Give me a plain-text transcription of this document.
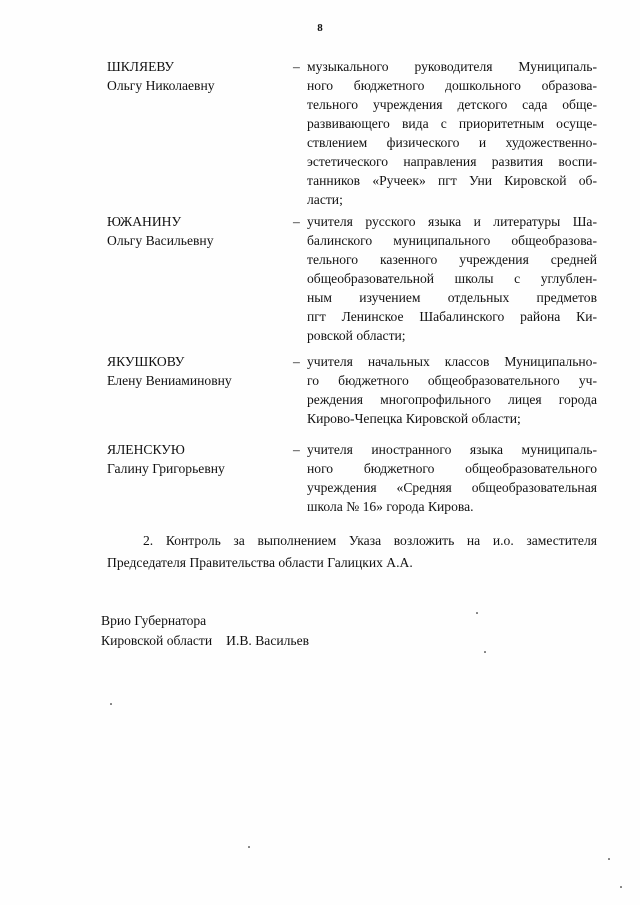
8
ШКЛЯЕВУ
Ольгу Николаевну
– музыкального руководителя Муниципаль-
ного бюджетного дошкольного образова-
тельного учреждения детского сада обще-
развивающего вида с приоритетным осуще-
ствлением физического и художественно-
эстетического направления развития воспи-
танников «Ручеек» пгт Уни Кировской об-
ласти;
ЮЖАНИНУ
Ольгу Васильевну
– учителя русского языка и литературы Ша-
балинского муниципального общеобразова-
тельного казенного учреждения средней
общеобразовательной школы с углублен-
ным изучением отдельных предметов
пгт Ленинское Шабалинского района Ки-
ровской области;
ЯКУШКОВУ
Елену Вениаминовну
– учителя начальных классов Муниципально-
го бюджетного общеобразовательного уч-
реждения многопрофильного лицея города
Кирово-Чепецка Кировской области;
ЯЛЕНСКУЮ
Галину Григорьевну
– учителя иностранного языка муниципаль-
ного бюджетного общеобразовательного
учреждения «Средняя общеобразовательная
школа № 16» города Кирова.
2. Контроль за выполнением Указа возложить на и.о. заместителя
Председателя Правительства области Галицких А.А.
Врио Губернатора
Кировской области И.В. Васильев
